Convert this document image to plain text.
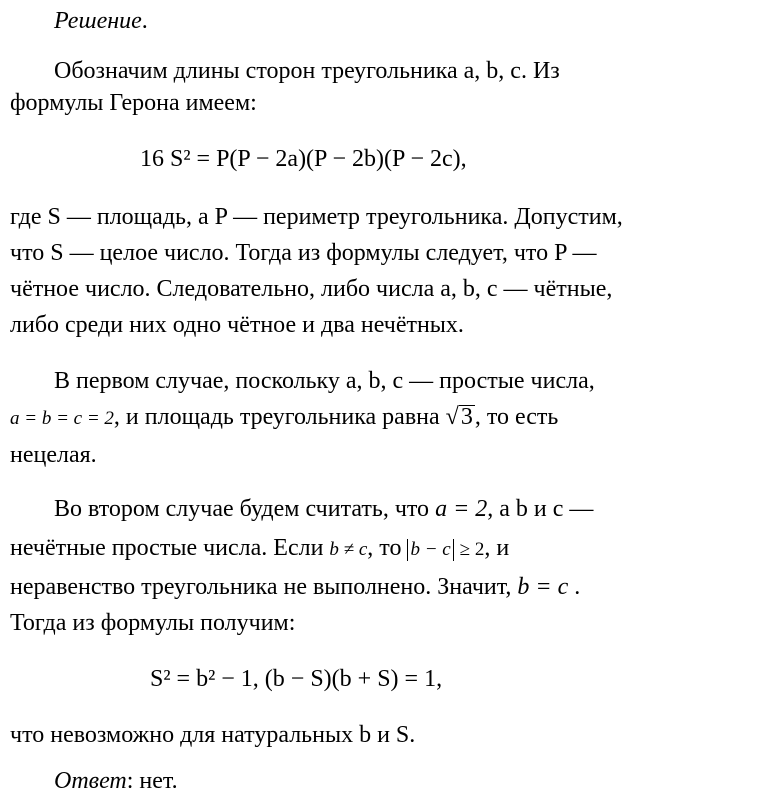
Решение.
Обозначим длины сторон треугольника a, b, c. Из
формулы Герона имеем:
16 S² = P(P − 2a)(P − 2b)(P − 2c),
где S — площадь, а P — периметр треугольника. Допустим,
что S — целое число. Тогда из формулы следует, что P —
чётное число. Следовательно, либо числа a, b, c — чётные,
либо среди них одно чётное и два нечётных.
В первом случае, поскольку a, b, c — простые числа,
a = b = c = 2, и площадь треугольника равна √3, то есть
нецелая.
Во втором случае будем считать, что a = 2, а b и c —
нечётные простые числа. Если b ≠ c, то b − c ≥ 2, и
неравенство треугольника не выполнено. Значит, b = c .
Тогда из формулы получим:
S² = b² − 1, (b − S)(b + S) = 1,
что невозможно для натуральных b и S.
Ответ: нет.
